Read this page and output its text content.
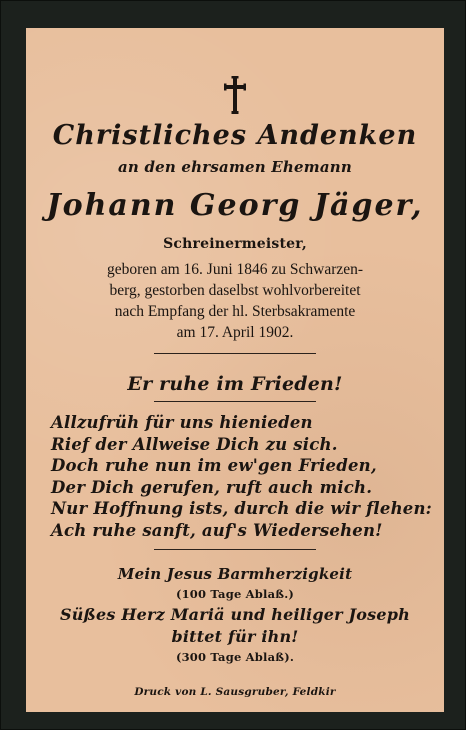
Christliches Andenken
an den ehrsamen Ehemann
Johann Georg Jäger,
Schreinermeister,
geboren am 16. Juni 1846 zu Schwarzen-
berg, gestorben daselbst wohlvorbereitet
nach Empfang der hl. Sterbsakramente
am 17. April 1902.
Er ruhe im Frieden!
Allzufrüh für uns hienieden
Rief der Allweise Dich zu sich.
Doch ruhe nun im ew'gen Frieden,
Der Dich gerufen, ruft auch mich.
Nur Hoffnung ists, durch die wir flehen:
Ach ruhe sanft, auf's Wiedersehen!
Mein Jesus Barmherzigkeit
(100 Tage Ablaß.)
Süßes Herz Mariä und heiliger Joseph
bittet für ihn!
(300 Tage Ablaß).
Druck von L. Sausgruber, Feldkir
